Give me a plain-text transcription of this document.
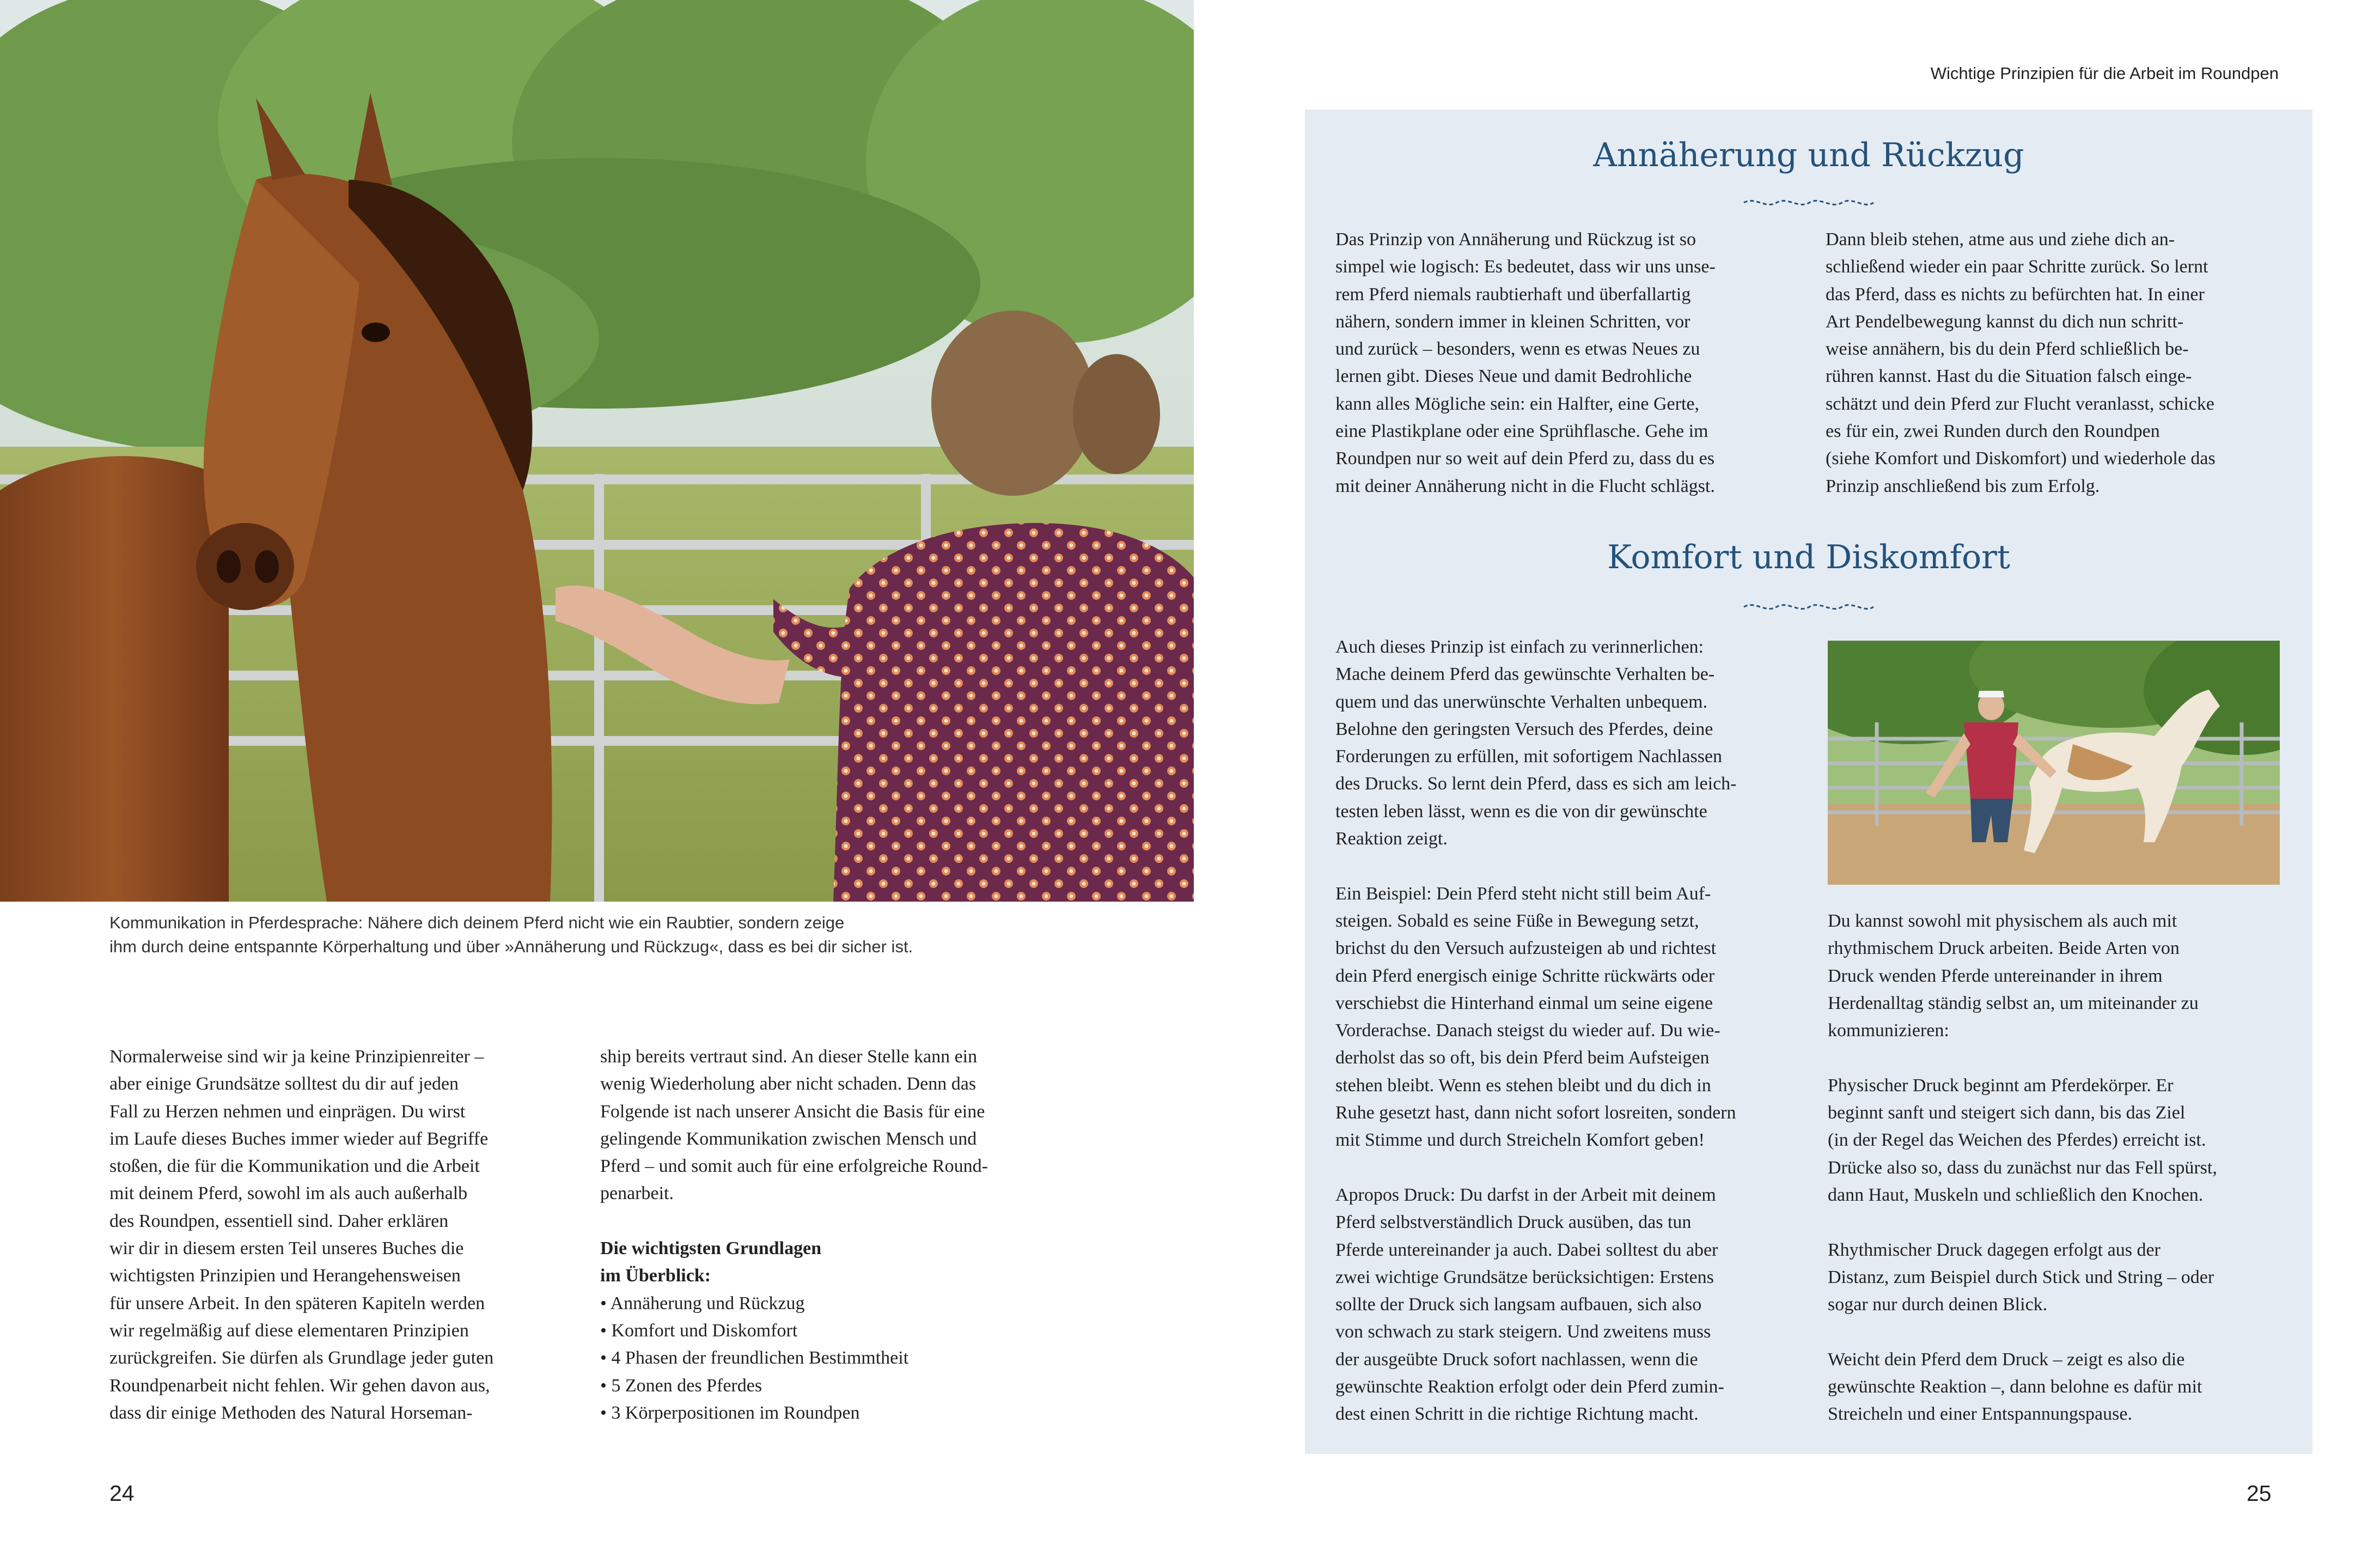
Kommunikation in Pferdesprache: Nähere dich deinem Pferd nicht wie ein Raubtier, sondern zeige

ihm durch deine entspannte Körperhaltung und über »Annäherung und Rückzug«, dass es bei dir sicher ist.

Normalerweise sind wir ja keine Prinzipienreiter –

aber einige Grundsätze solltest du dir auf jeden

Fall zu Herzen nehmen und einprägen. Du wirst

im Laufe dieses Buches immer wieder auf Begriffe

stoßen, die für die Kommunikation und die Arbeit

mit deinem Pferd, sowohl im als auch außerhalb

des Roundpen, essentiell sind. Daher erklären

wir dir in diesem ersten Teil unseres Buches die

wichtigsten Prinzipien und Herangehensweisen

für unsere Arbeit. In den späteren Kapiteln werden

wir regelmäßig auf diese elementaren Prinzipien

zurückgreifen. Sie dürfen als Grundlage jeder guten

Roundpenarbeit nicht fehlen. Wir gehen davon aus,

dass dir einige Methoden des Natural Horseman-

ship bereits vertraut sind. An dieser Stelle kann ein

wenig Wiederholung aber nicht schaden. Denn das

Folgende ist nach unserer Ansicht die Basis für eine

gelingende Kommunikation zwischen Mensch und

Pferd – und somit auch für eine erfolgreiche Round-

penarbeit.

Die wichtigsten Grundlagen

im Überblick:

• Annäherung und Rückzug

• Komfort und Diskomfort

• 4 Phasen der freundlichen Bestimmtheit

• 5 Zonen des Pferdes

• 3 Körperpositionen im Roundpen

24
Wichtige Prinzipien für die Arbeit im Roundpen
Annäherung und Rückzug

Das Prinzip von Annäherung und Rückzug ist so

simpel wie logisch: Es bedeutet, dass wir uns unse-

rem Pferd niemals raubtierhaft und überfallartig

nähern, sondern immer in kleinen Schritten, vor

und zurück – besonders, wenn es etwas Neues zu

lernen gibt. Dieses Neue und damit Bedrohliche

kann alles Mögliche sein: ein Halfter, eine Gerte,

eine Plastikplane oder eine Sprühflasche. Gehe im

Roundpen nur so weit auf dein Pferd zu, dass du es

mit deiner Annäherung nicht in die Flucht schlägst.

Dann bleib stehen, atme aus und ziehe dich an-

schließend wieder ein paar Schritte zurück. So lernt

das Pferd, dass es nichts zu befürchten hat. In einer

Art Pendelbewegung kannst du dich nun schritt-

weise annähern, bis du dein Pferd schließlich be-

rühren kannst. Hast du die Situation falsch einge-

schätzt und dein Pferd zur Flucht veranlasst, schicke

es für ein, zwei Runden durch den Roundpen

(siehe Komfort und Diskomfort) und wiederhole das

Prinzip anschließend bis zum Erfolg.

Komfort und Diskomfort

Auch dieses Prinzip ist einfach zu verinnerlichen:

Mache deinem Pferd das gewünschte Verhalten be-

quem und das unerwünschte Verhalten unbequem.

Belohne den geringsten Versuch des Pferdes, deine

Forderungen zu erfüllen, mit sofortigem Nachlassen

des Drucks. So lernt dein Pferd, dass es sich am leich-

testen leben lässt, wenn es die von dir gewünschte

Reaktion zeigt.

Ein Beispiel: Dein Pferd steht nicht still beim Auf-

steigen. Sobald es seine Füße in Bewegung setzt,

brichst du den Versuch aufzusteigen ab und richtest

dein Pferd energisch einige Schritte rückwärts oder

verschiebst die Hinterhand einmal um seine eigene

Vorderachse. Danach steigst du wieder auf. Du wie-

derholst das so oft, bis dein Pferd beim Aufsteigen

stehen bleibt. Wenn es stehen bleibt und du dich in

Ruhe gesetzt hast, dann nicht sofort losreiten, sondern

mit Stimme und durch Streicheln Komfort geben!

Apropos Druck: Du darfst in der Arbeit mit deinem

Pferd selbstverständlich Druck ausüben, das tun

Pferde untereinander ja auch. Dabei solltest du aber

zwei wichtige Grundsätze berücksichtigen: Erstens

sollte der Druck sich langsam aufbauen, sich also

von schwach zu stark steigern. Und zweitens muss

der ausgeübte Druck sofort nachlassen, wenn die

gewünschte Reaktion erfolgt oder dein Pferd zumin-

dest einen Schritt in die richtige Richtung macht.

Du kannst sowohl mit physischem als auch mit

rhythmischem Druck arbeiten. Beide Arten von

Druck wenden Pferde untereinander in ihrem

Herdenalltag ständig selbst an, um miteinander zu

kommunizieren:

Physischer Druck beginnt am Pferdekörper. Er

beginnt sanft und steigert sich dann, bis das Ziel

(in der Regel das Weichen des Pferdes) erreicht ist.

Drücke also so, dass du zunächst nur das Fell spürst,

dann Haut, Muskeln und schließlich den Knochen.

Rhythmischer Druck dagegen erfolgt aus der

Distanz, zum Beispiel durch Stick und String – oder

sogar nur durch deinen Blick.

Weicht dein Pferd dem Druck – zeigt es also die

gewünschte Reaktion –, dann belohne es dafür mit

Streicheln und einer Entspannungspause.

25
